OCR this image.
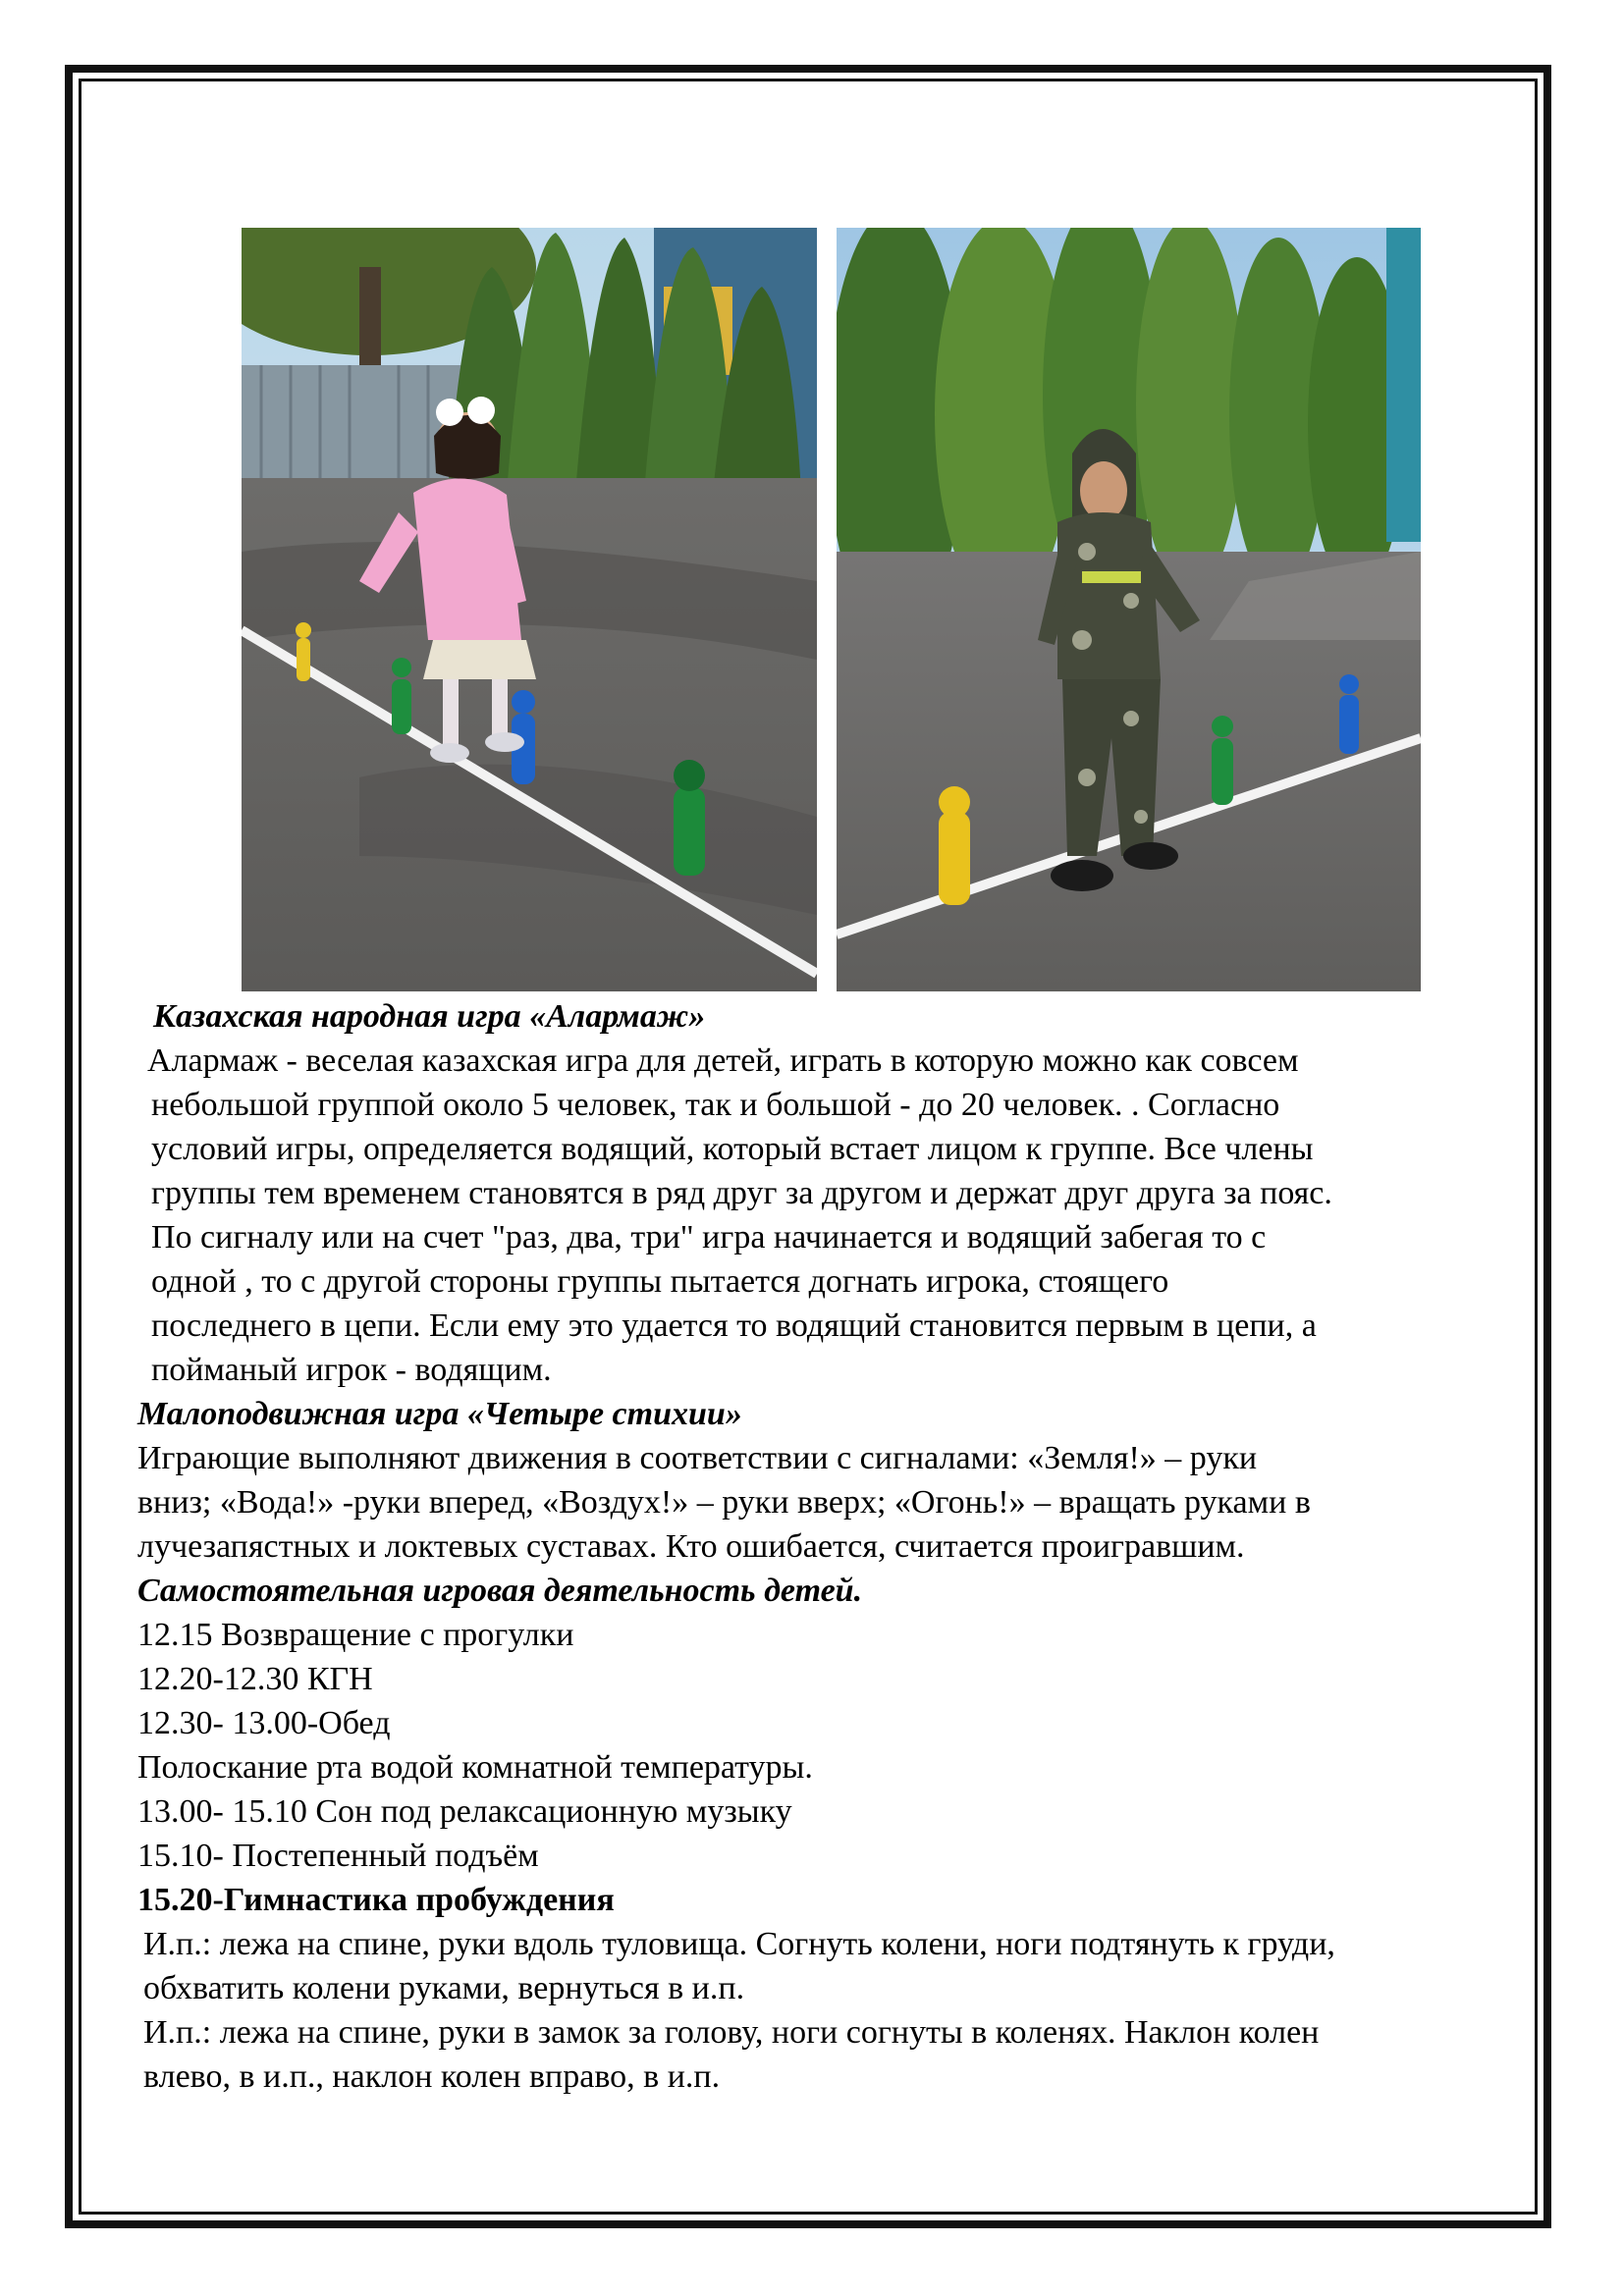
Казахская народная игра «Алармаж»

Алармаж - веселая казахская игра для детей, играть в которую можно как совсем

небольшой группой около 5 человек, так и большой - до 20 человек. . Согласно

условий игры, определяется водящий, который встает лицом к группе. Все члены

группы тем временем становятся в ряд друг за другом и держат друг друга за пояс.

По сигналу или на счет "раз, два, три" игра начинается и водящий забегая то с

одной , то с другой стороны группы пытается догнать игрока, стоящего

последнего в цепи. Если ему это удается то водящий становится первым в цепи, а

пойманый игрок - водящим.

Малоподвижная игра «Четыре стихии»

Играющие выполняют движения в соответствии с сигналами: «Земля!» – руки

вниз; «Вода!» -руки вперед, «Воздух!» – руки вверх; «Огонь!» – вращать руками в

лучезапястных и локтевых суставах. Кто ошибается, считается проигравшим.

Самостоятельная игровая деятельность детей.

12.15 Возвращение с прогулки

12.20-12.30 КГН

12.30- 13.00-Обед

Полоскание рта водой комнатной температуры.

13.00- 15.10 Сон под релаксационную музыку

15.10- Постепенный подъём

15.20-Гимнастика пробуждения

И.п.: лежа на спине, руки вдоль туловища. Согнуть колени, ноги подтянуть к груди,

обхватить колени руками, вернуться в и.п.

И.п.: лежа на спине, руки в замок за голову, ноги согнуты в коленях. Наклон колен

влево, в и.п., наклон колен вправо, в и.п.
